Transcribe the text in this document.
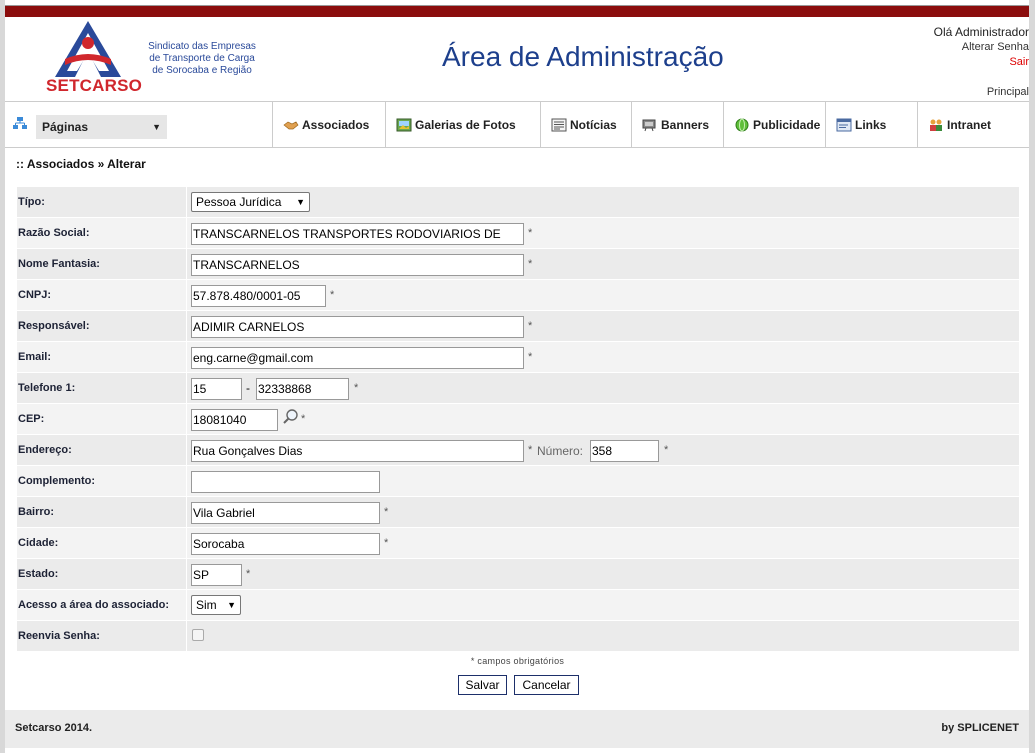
SETCARSO
Sindicato das Empresas
de Transporte de Carga
de Sorocaba e Região	Área de Administração
Olá Administrador
Alterar Senha
Sair
Principal
Páginas	▼	Associados	Galerias de Fotos	Notícias	Banners	Publicidade	Links	Intranet
:: Associados » Alterar
Típo:	Pessoa Jurídica ▼
Razão Social:	TRANSCARNELOS TRANSPORTES RODOVIARIOS DE	*
Nome Fantasia:	TRANSCARNELOS	*
CNPJ:	57.878.480/0001-05	*
Responsável:	ADIMIR CARNELOS	*
Email:	eng.carne@gmail.com	*
Telefone 1:	15	- 32338868	*
CEP:	18081040	*
Endereço:	Rua Gonçalves Dias	* Número: 358	*
Complemento:
Bairro:	Vila Gabriel	*
Cidade:	Sorocaba	*
Estado:	SP	*
Acesso a área do associado:	Sim ▼
Reenvia Senha:
* campos obrigatórios
Salvar	Cancelar
Setcarso 2014.	by SPLICENET
